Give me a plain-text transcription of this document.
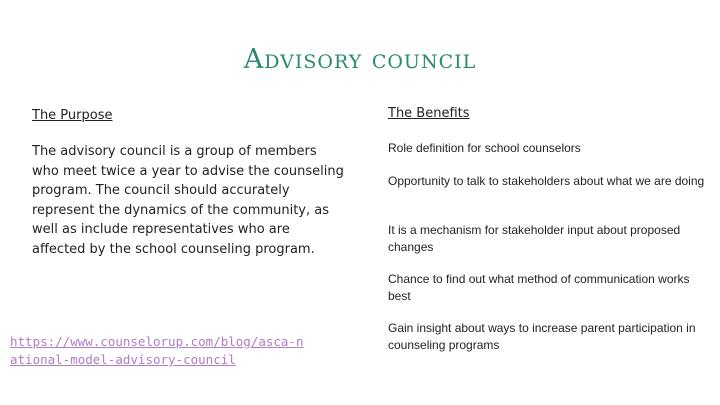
Advisory council
The Purpose
The advisory council is a group of members who meet twice a year to advise the counseling program. The council should accurately represent the dynamics of the community, as well as include representatives who are affected by the school counseling program.
https://www.counselorup.com/blog/asca-national-model-advisory-council
The Benefits
Role definition for school counselors
Opportunity to talk to stakeholders about what we are doing
It is a mechanism for stakeholder input about proposed changes
Chance to find out what method of communication works best
Gain insight about ways to increase parent participation in counseling programs
